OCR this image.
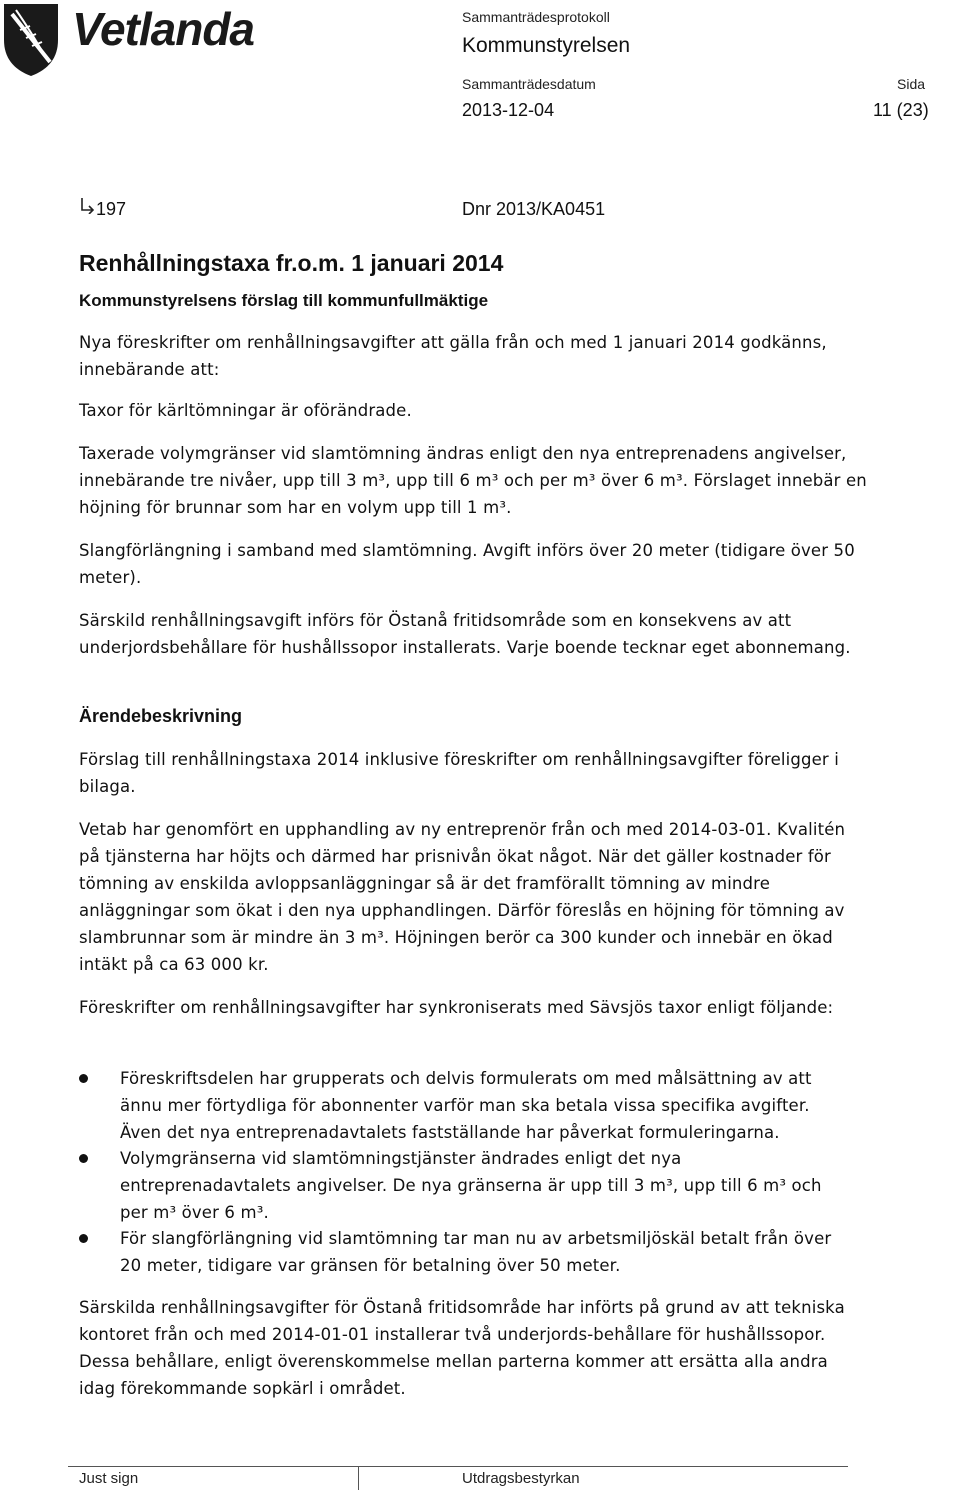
Vetlanda	Sammanträdesprotokoll
Kommunstyrelsen
Sammanträdesdatum
2013-12-04
Sida
11 (23)
197	Dnr 2013/KA0451
Renhållningstaxa fr.o.m. 1 januari 2014
Kommunstyrelsens förslag till kommunfullmäktige

Nya föreskrifter om renhållningsavgifter att gälla från och med 1 januari 2014 godkänns, innebärande att:

Taxor för kärltömningar är oförändrade.

Taxerade volymgränser vid slamtömning ändras enligt den nya entreprenadens angivelser, innebärande tre nivåer, upp till 3 m³, upp till 6 m³ och per m³ över 6 m³. Förslaget innebär en höjning för brunnar som har en volym upp till 1 m³.

Slangförlängning i samband med slamtömning. Avgift införs över 20 meter (tidigare över 50 meter).

Särskild renhållningsavgift införs för Östanå fritidsområde som en konsekvens av att underjordsbehållare för hushållssopor installerats. Varje boende tecknar eget abonnemang.

Ärendebeskrivning

Förslag till renhållningstaxa 2014 inklusive föreskrifter om renhållningsavgifter föreligger i bilaga.

Vetab har genomfört en upphandling av ny entreprenör från och med 2014-03-01. Kvalitén på tjänsterna har höjts och därmed har prisnivån ökat något. När det gäller kostnader för tömning av enskilda avloppsanläggningar så är det framförallt tömning av mindre anläggningar som ökat i den nya upphandlingen. Därför föreslås en höjning för tömning av slambrunnar som är mindre än 3 m³. Höjningen berör ca 300 kunder och innebär en ökad intäkt på ca 63 000 kr.

Föreskrifter om renhållningsavgifter har synkroniserats med Sävsjös taxor enligt följande:

Föreskriftsdelen har grupperats och delvis formulerats om med målsättning av att ännu mer förtydliga för abonnenter varför man ska betala vissa specifika avgifter. Även det nya entreprenadavtalets fastställande har påverkat formuleringarna.

Volymgränserna vid slamtömningstjänster ändrades enligt det nya entreprenadavtalets angivelser. De nya gränserna är upp till 3 m³, upp till 6 m³ och per m³ över 6 m³.

För slangförlängning vid slamtömning tar man nu av arbetsmiljöskäl betalt från över 20 meter, tidigare var gränsen för betalning över 50 meter.

Särskilda renhållningsavgifter för Östanå fritidsområde har införts på grund av att tekniska kontoret från och med 2014-01-01 installerar två underjords-behållare för hushållssopor. Dessa behållare, enligt överenskommelse mellan parterna kommer att ersätta alla andra idag förekommande sopkärl i området.

Just sign	Utdragsbestyrkan
